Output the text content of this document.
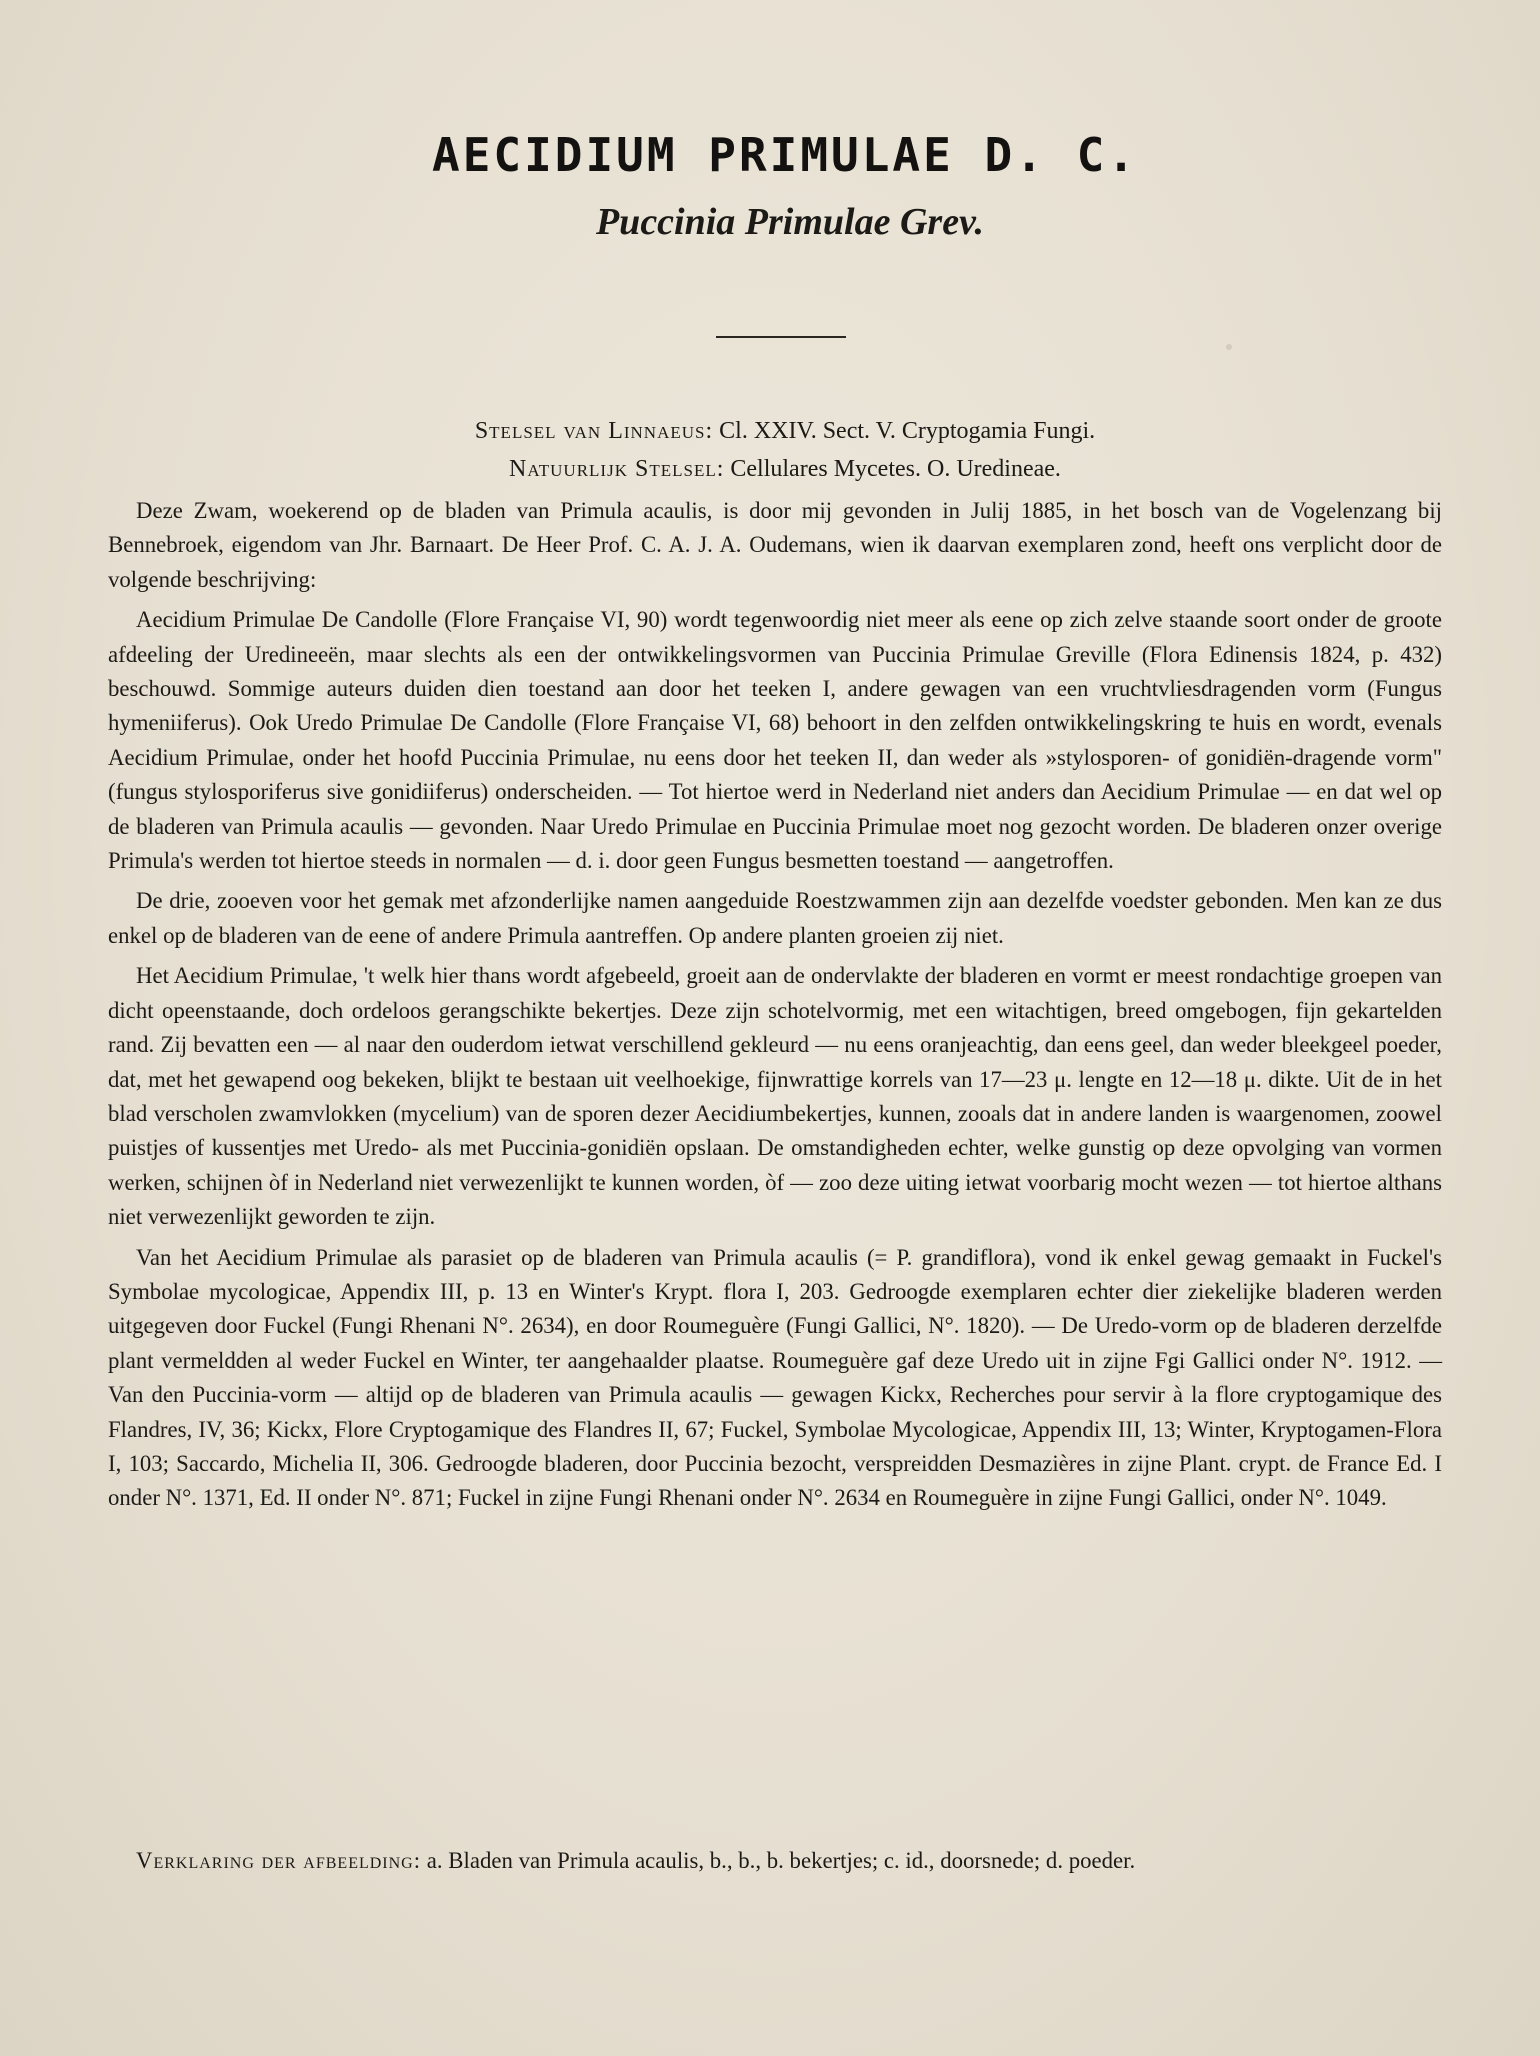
AECIDIUM PRIMULAE D. C.
Puccinia Primulae Grev.
Stelsel van Linnaeus: Cl. XXIV. Sect. V. Cryptogamia Fungi.
Natuurlijk Stelsel: Cellulares Mycetes. O. Uredineae.

Deze Zwam, woekerend op de bladen van Primula acaulis, is door mij gevonden in Julij 1885, in het bosch van de Vogelenzang bij Bennebroek, eigendom van Jhr. Barnaart. De Heer Prof. C. A. J. A. Oudemans, wien ik daarvan exemplaren zond, heeft ons verplicht door de volgende beschrijving:

Aecidium Primulae De Candolle (Flore Française VI, 90) wordt tegenwoordig niet meer als eene op zich zelve staande soort onder de groote afdeeling der Uredineeën, maar slechts als een der ontwikkelingsvormen van Puccinia Primulae Greville (Flora Edinensis 1824, p. 432) beschouwd. Sommige auteurs duiden dien toestand aan door het teeken I, andere gewagen van een vruchtvliesdragenden vorm (Fungus hymeniiferus). Ook Uredo Primulae De Candolle (Flore Française VI, 68) behoort in den zelfden ontwikkelingskring te huis en wordt, evenals Aecidium Primulae, onder het hoofd Puccinia Primulae, nu eens door het teeken II, dan weder als »stylosporen- of gonidiën-dragende vorm" (fungus stylosporiferus sive gonidiiferus) onderscheiden. — Tot hiertoe werd in Nederland niet anders dan Aecidium Primulae — en dat wel op de bladeren van Primula acaulis — gevonden. Naar Uredo Primulae en Puccinia Primulae moet nog gezocht worden. De bladeren onzer overige Primula's werden tot hiertoe steeds in normalen — d. i. door geen Fungus besmetten toestand — aangetroffen.

De drie, zooeven voor het gemak met afzonderlijke namen aangeduide Roestzwammen zijn aan dezelfde voedster gebonden. Men kan ze dus enkel op de bladeren van de eene of andere Primula aantreffen. Op andere planten groeien zij niet.

Het Aecidium Primulae, 't welk hier thans wordt afgebeeld, groeit aan de ondervlakte der bladeren en vormt er meest rondachtige groepen van dicht opeenstaande, doch ordeloos gerangschikte bekertjes. Deze zijn schotelvormig, met een witachtigen, breed omgebogen, fijn gekartelden rand. Zij bevatten een — al naar den ouderdom ietwat verschillend gekleurd — nu eens oranjeachtig, dan eens geel, dan weder bleekgeel poeder, dat, met het gewapend oog bekeken, blijkt te bestaan uit veelhoekige, fijnwrattige korrels van 17—23 μ. lengte en 12—18 μ. dikte. Uit de in het blad verscholen zwamvlokken (mycelium) van de sporen dezer Aecidiumbekertjes, kunnen, zooals dat in andere landen is waargenomen, zoowel puistjes of kussentjes met Uredo- als met Puccinia-gonidiën opslaan. De omstandigheden echter, welke gunstig op deze opvolging van vormen werken, schijnen òf in Nederland niet verwezenlijkt te kunnen worden, òf — zoo deze uiting ietwat voorbarig mocht wezen — tot hiertoe althans niet verwezenlijkt geworden te zijn.

Van het Aecidium Primulae als parasiet op de bladeren van Primula acaulis (= P. grandiflora), vond ik enkel gewag gemaakt in Fuckel's Symbolae mycologicae, Appendix III, p. 13 en Winter's Krypt. flora I, 203. Gedroogde exemplaren echter dier ziekelijke bladeren werden uitgegeven door Fuckel (Fungi Rhenani N°. 2634), en door Roumeguère (Fungi Gallici, N°. 1820). — De Uredo-vorm op de bladeren derzelfde plant vermeldden al weder Fuckel en Winter, ter aangehaalder plaatse. Roumeguère gaf deze Uredo uit in zijne Fgi Gallici onder N°. 1912. — Van den Puccinia-vorm — altijd op de bladeren van Primula acaulis — gewagen Kickx, Recherches pour servir à la flore cryptogamique des Flandres, IV, 36; Kickx, Flore Cryptogamique des Flandres II, 67; Fuckel, Symbolae Mycologicae, Appendix III, 13; Winter, Kryptogamen-Flora I, 103; Saccardo, Michelia II, 306. Gedroogde bladeren, door Puccinia bezocht, verspreidden Desmazières in zijne Plant. crypt. de France Ed. I onder N°. 1371, Ed. II onder N°. 871; Fuckel in zijne Fungi Rhenani onder N°. 2634 en Roumeguère in zijne Fungi Gallici, onder N°. 1049.

Verklaring der afbeelding: a. Bladen van Primula acaulis, b., b., b. bekertjes; c. id., doorsnede; d. poeder.
